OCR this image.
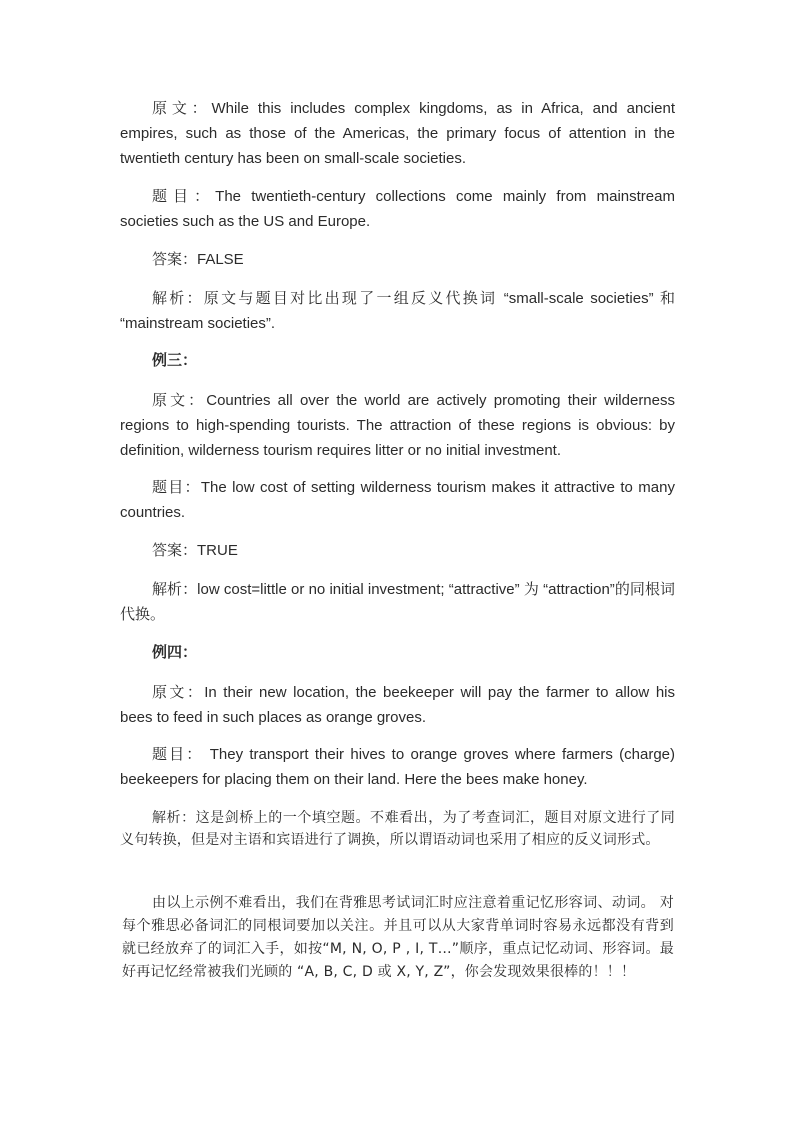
原文：While this includes complex kingdoms, as in Africa, and ancient empires, such as those of the Americas, the primary focus of attention in the twentieth century has been on small-scale societies.

题目：The twentieth-century collections come mainly from mainstream societies such as the US and Europe.

答案：FALSE

解析：原文与题目对比出现了一组反义代换词 “small-scale societies” 和 “mainstream societies”.

例三：

原文：Countries all over the world are actively promoting their wilderness regions to high-spending tourists. The attraction of these regions is obvious: by definition, wilderness tourism requires litter or no initial investment.

题目：The low cost of setting wilderness tourism makes it attractive to many countries.

答案：TRUE

解析：low cost=little or no initial investment; “attractive” 为 “attraction”的同根词代换。

例四：

原文：In their new location, the beekeeper will pay the farmer to allow his bees to feed in such places as orange groves.

题目： They transport their hives to orange groves where farmers (charge) beekeepers for placing them on their land. Here the bees make honey.

解析：这是剑桥上的一个填空题。不难看出，为了考查词汇，题目对原文进行了同义句转换，但是对主语和宾语进行了调换，所以谓语动词也采用了相应的反义词形式。

由以上示例不难看出，我们在背雅思考试词汇时应注意着重记忆形容词、动词。 对每个雅思必备词汇的同根词要加以关注。并且可以从大家背单词时容易永远都没有背到就已经放弃了的词汇入手，如按“M, N, O, P , I, T…”顺序，重点记忆动词、形容词。最好再记忆经常被我们光顾的 “A, B, C, D 或 X, Y, Z”，你会发现效果很棒的！！！
